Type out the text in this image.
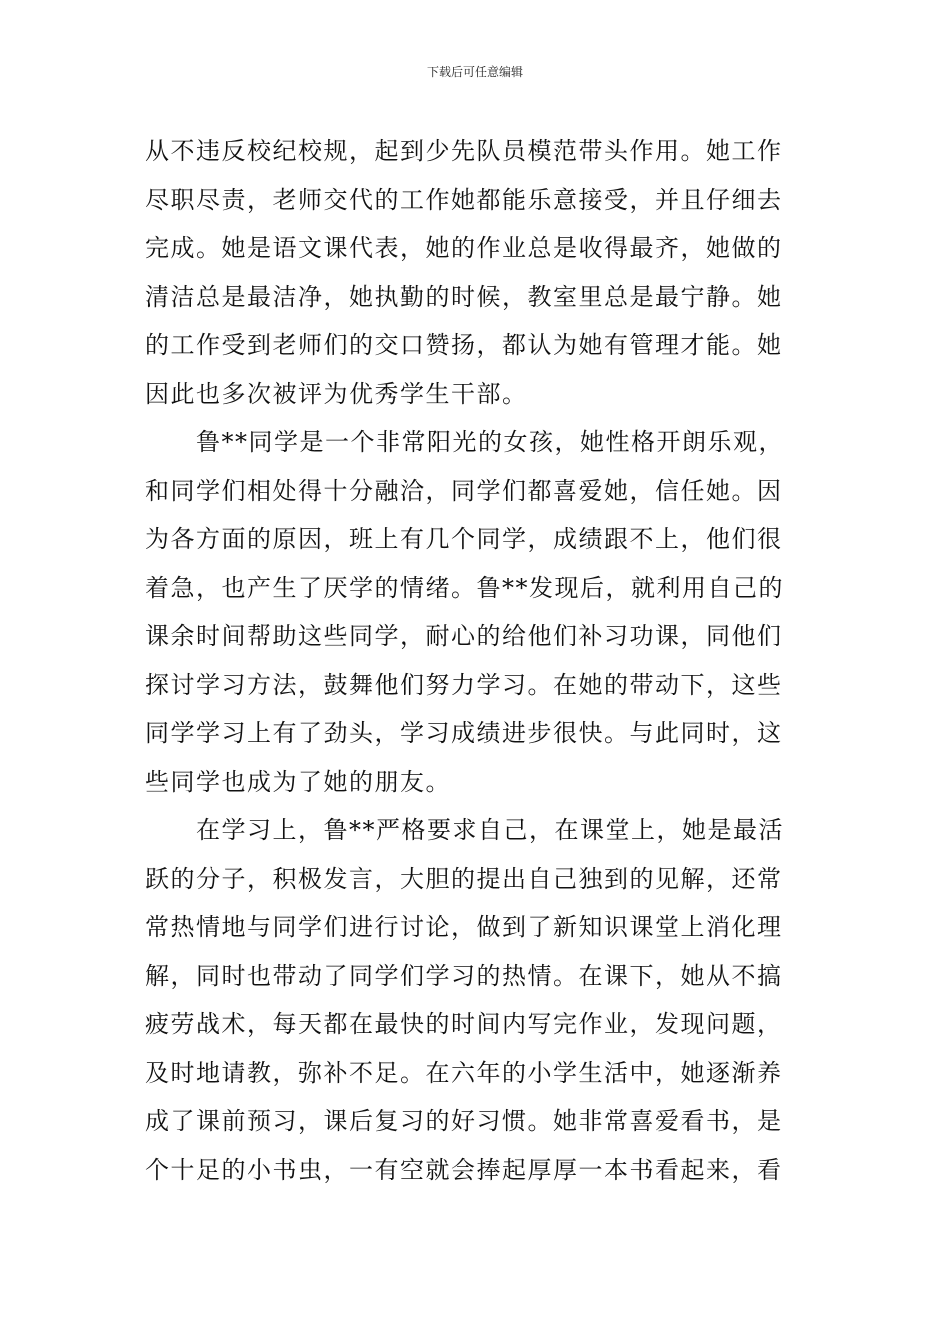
下载后可任意编辑
从不违反校纪校规，起到少先队员模范带头作用。她工作
尽职尽责，老师交代的工作她都能乐意接受，并且仔细去
完成。她是语文课代表，她的作业总是收得最齐，她做的
清洁总是最洁净，她执勤的时候，教室里总是最宁静。她
的工作受到老师们的交口赞扬，都认为她有管理才能。她
因此也多次被评为优秀学生干部。
　　鲁**同学是一个非常阳光的女孩，她性格开朗乐观，
和同学们相处得十分融洽，同学们都喜爱她，信任她。因
为各方面的原因，班上有几个同学，成绩跟不上，他们很
着急，也产生了厌学的情绪。鲁**发现后，就利用自己的
课余时间帮助这些同学，耐心的给他们补习功课，同他们
探讨学习方法，鼓舞他们努力学习。在她的带动下，这些
同学学习上有了劲头，学习成绩进步很快。与此同时，这
些同学也成为了她的朋友。
　　在学习上，鲁**严格要求自己，在课堂上，她是最活
跃的分子，积极发言，大胆的提出自己独到的见解，还常
常热情地与同学们进行讨论，做到了新知识课堂上消化理
解，同时也带动了同学们学习的热情。在课下，她从不搞
疲劳战术，每天都在最快的时间内写完作业，发现问题，
及时地请教，弥补不足。在六年的小学生活中，她逐渐养
成了课前预习，课后复习的好习惯。她非常喜爱看书，是
个十足的小书虫，一有空就会捧起厚厚一本书看起来，看
